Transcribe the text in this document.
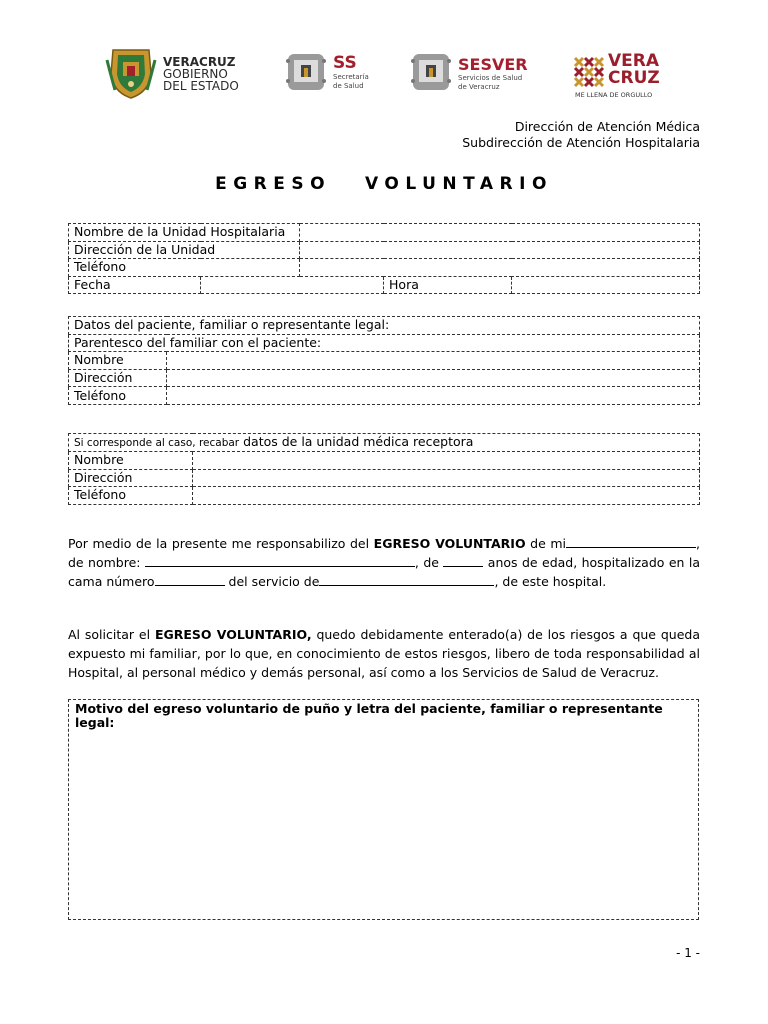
VERACRUZ
GOBIERNO
DEL ESTADO
SS
Secretaría
de Salud
SESVER
Servicios de Salud
de Veracruz
VERA
CRUZ
ME LLENA DE ORGULLO
Dirección de Atención Médica
Subdirección de Atención Hospitalaria
EGRESO VOLUNTARIO
Nombre de la Unidad Hospitalaria				
Dirección de la Unidad				
Teléfono				
Fecha			Hora	
Datos del paciente, familiar o representante legal:	
Parentesco del familiar con el paciente:	
Nombre	
Dirección	
Teléfono	
Si corresponde al caso, recabar datos de la unidad médica receptora	
Nombre	
Dirección	
Teléfono	
Por medio de la presente me responsabilizo del EGRESO VOLUNTARIO de mi	, de nombre:	, de	anos de edad, hospitalizado en la cama número	del servicio de	, de este hospital.
Al solicitar el EGRESO VOLUNTARIO, quedo debidamente enterado(a) de los riesgos a que queda expuesto mi familiar, por lo que, en conocimiento de estos riesgos, libero de toda responsabilidad al Hospital, al personal médico y demás personal, así como a los Servicios de Salud de Veracruz.
Motivo del egreso voluntario de puño y letra del paciente, familiar o representante legal:
- 1 -
